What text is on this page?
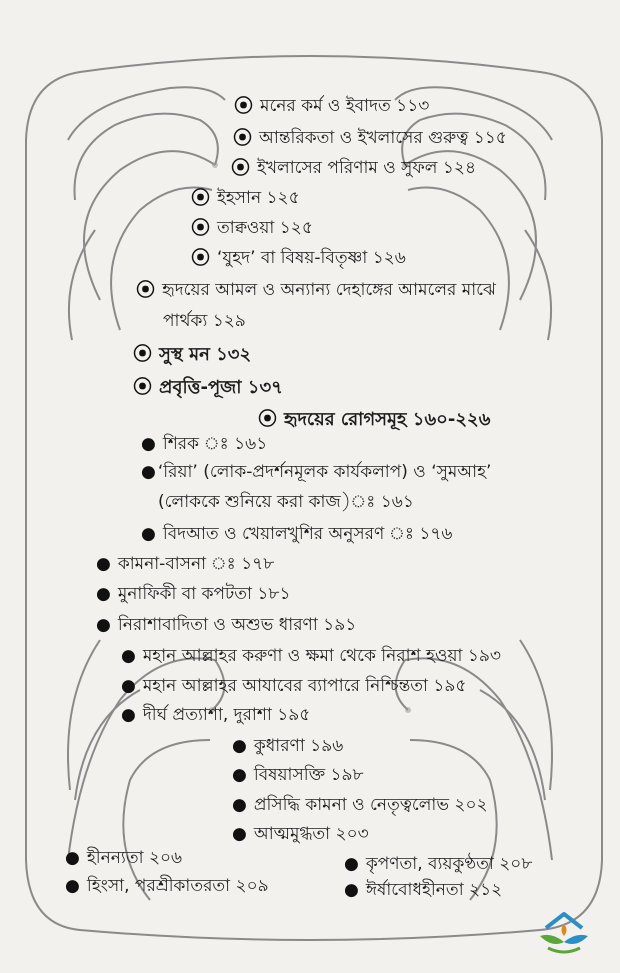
⦿ মনের কর্ম ও ইবাদত ১১৩
⦿ আন্তরিকতা ও ইখলাসের গুরুত্ব ১১৫
⦿ ইখলাসের পরিণাম ও সুফল ১২৪
⦿ ইহসান ১২৫
⦿ তাক্বওয়া ১২৫
⦿ ‘যুহদ’ বা বিষয়-বিতৃষ্ণা ১২৬
⦿ হৃদয়ের আমল ও অন্যান্য দেহাঙ্গের আমলের মাঝে
পার্থক্য ১২৯
⦿ সুস্থ মন ১৩২
⦿ প্রবৃত্তি-পূজা ১৩৭
⦿ হৃদয়ের রোগসমূহ ১৬০-২২৬
● শিরক ঃ ১৬১
● ‘রিয়া’ (লোক-প্রদর্শনমূলক কার্যকলাপ) ও ‘সুমআহ’
(লোককে শুনিয়ে করা কাজ)ঃ ১৬১
● বিদআত ও খেয়ালখুশির অনুসরণ ঃ ১৭৬
● কামনা-বাসনা ঃ ১৭৮
● মুনাফিকী বা কপটতা ১৮১
● নিরাশাবাদিতা ও অশুভ ধারণা ১৯১
● মহান আল্লাহর করুণা ও ক্ষমা থেকে নিরাশ হওয়া ১৯৩
● মহান আল্লাহর আযাবের ব্যাপারে নিশ্চিন্ততা ১৯৫
● দীর্ঘ প্রত্যাশা, দুরাশা ১৯৫
● কুধারণা ১৯৬
● বিষয়াসক্তি ১৯৮
● প্রসিদ্ধি কামনা ও নেতৃত্বলোভ ২০২
● আত্মমুগ্ধতা ২০৩
● হীনন্যতা ২০৬	● কৃপণতা, ব্যয়কুণ্ঠতা ২০৮
● হিংসা, পরশ্রীকাতরতা ২০৯	● ঈর্ষাবোধহীনতা ২১২
